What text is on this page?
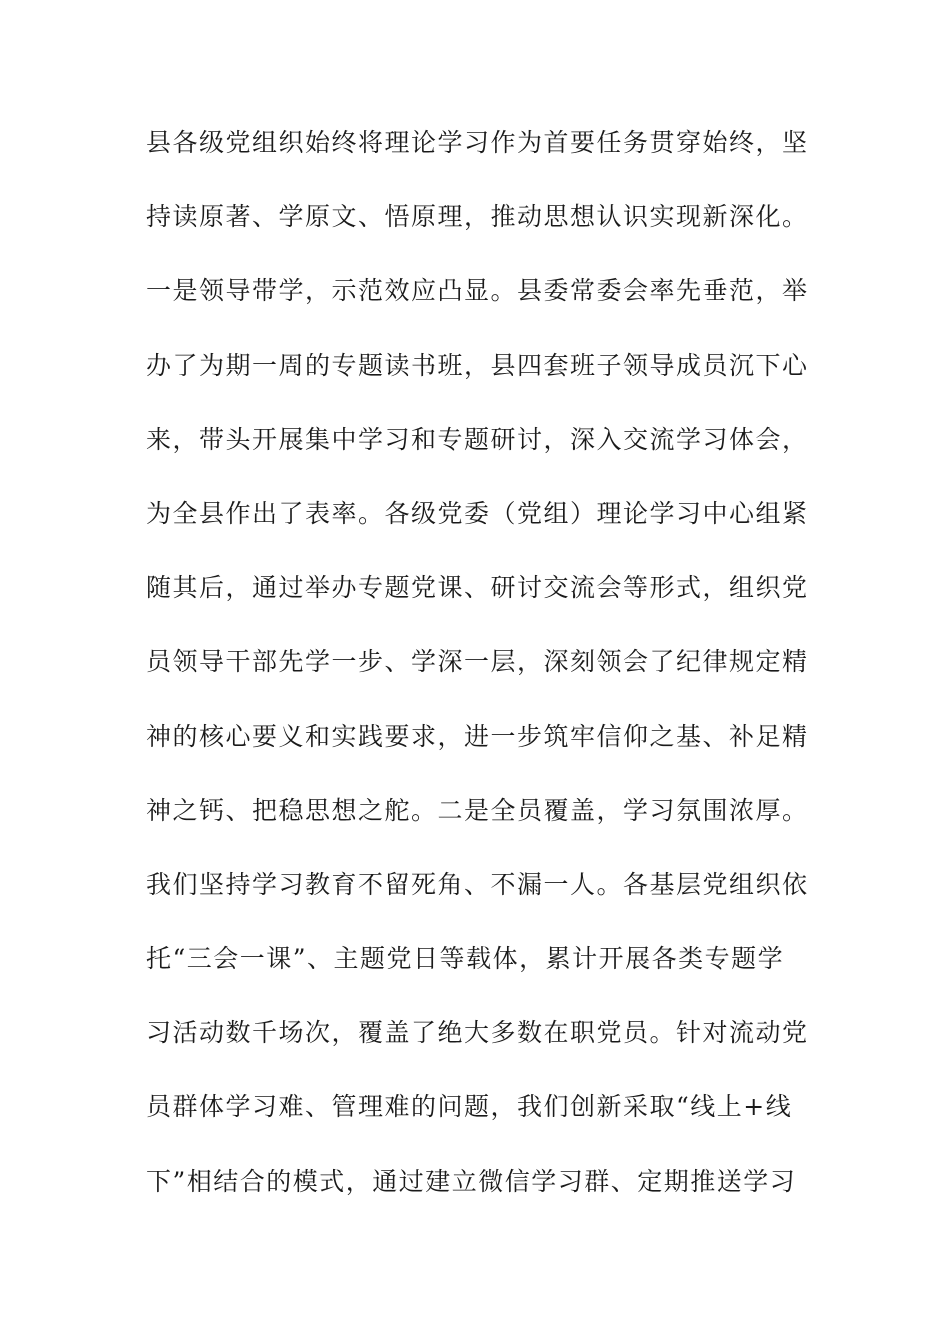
县各级党组织始终将理论学习作为首要任务贯穿始终，坚
持读原著、学原文、悟原理，推动思想认识实现新深化。
一是领导带学，示范效应凸显。县委常委会率先垂范，举
办了为期一周的专题读书班，县四套班子领导成员沉下心
来，带头开展集中学习和专题研讨，深入交流学习体会，
为全县作出了表率。各级党委（党组）理论学习中心组紧
随其后，通过举办专题党课、研讨交流会等形式，组织党
员领导干部先学一步、学深一层，深刻领会了纪律规定精
神的核心要义和实践要求，进一步筑牢信仰之基、补足精
神之钙、把稳思想之舵。二是全员覆盖，学习氛围浓厚。
我们坚持学习教育不留死角、不漏一人。各基层党组织依
托“三会一课”、主题党日等载体，累计开展各类专题学
习活动数千场次，覆盖了绝大多数在职党员。针对流动党
员群体学习难、管理难的问题，我们创新采取“线上+线
下”相结合的模式，通过建立微信学习群、定期推送学习
